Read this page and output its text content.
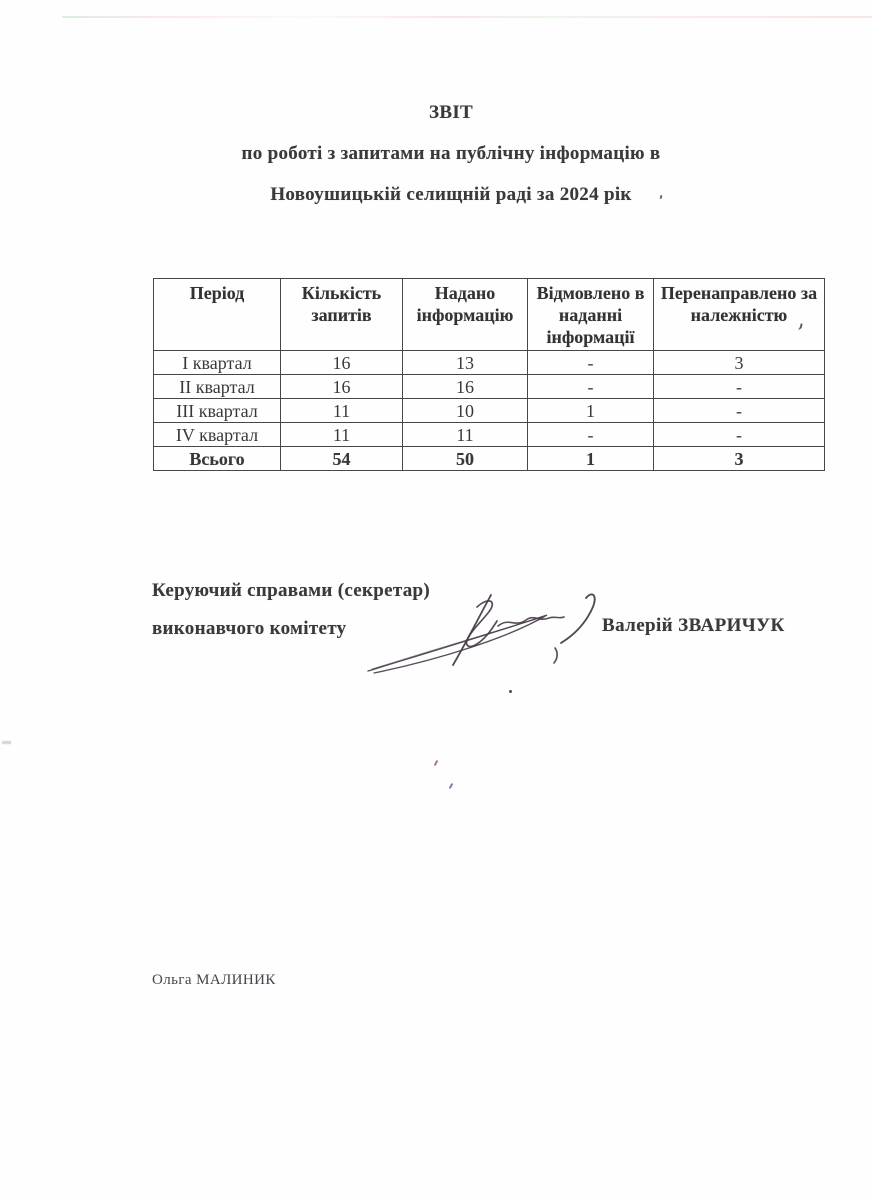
ЗВІТ
по роботі з запитами на публічну інформацію в
Новоушицькій селищній раді за 2024 рік
Період	Кількість запитів	Надано інформацію	Відмовлено в наданні інформації	Перенаправлено за належністю
I квартал	16	13	-	3
II квартал	16	16	-	-
III квартал	11	10	1	-
IV квартал	11	11	-	-
Всього	54	50	1	3
Керуючий справами (секретар)
виконавчого комітету	Валерій ЗВАРИЧУК
Ольга МАЛИНИК
